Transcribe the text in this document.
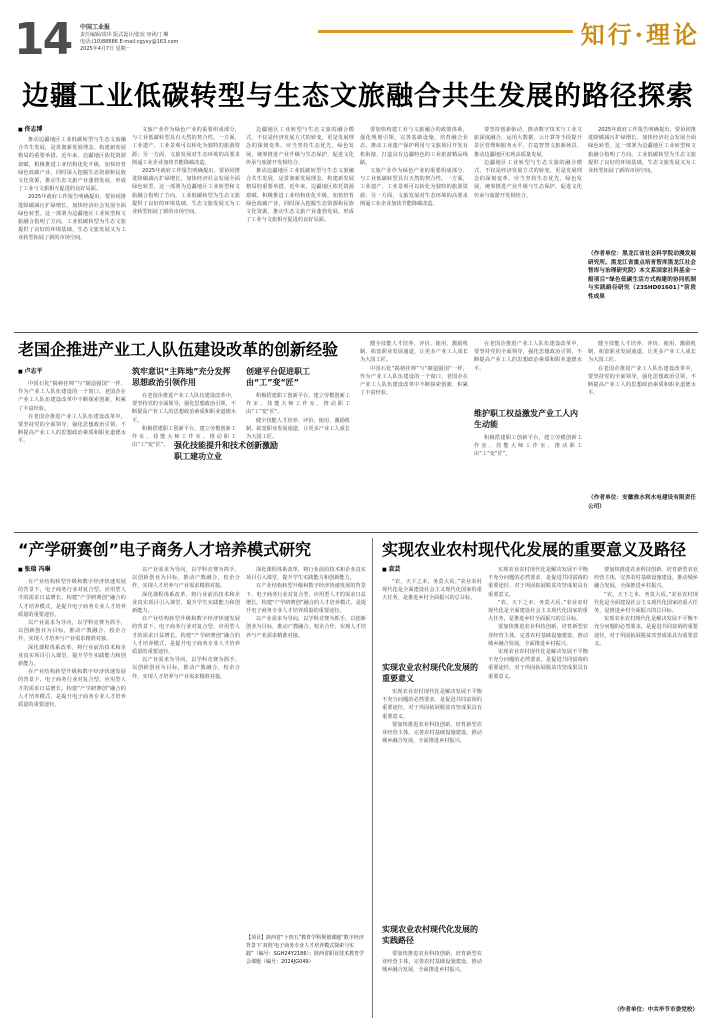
14 中国工业报
责任编辑/周伟 版式设计/张宸 审读/丁琳
电话:(10)88886 E-mail:cgyxy@163.com
2025年4月7日 星期一	知行·理论
边疆工业低碳转型与生态文旅融合共生发展的路径探索
■ 佟志博

推动边疆地区工业低碳转型与生态文旅融合共生发展，是贯彻新发展理念、构建新发展格局的重要举措。近年来，边疆地区依托资源禀赋，积极推进工业结构优化升级，加快培育绿色低碳产业，同时深入挖掘生态资源和民族文化资源，推动生态文旅产业蓬勃发展，形成了工业与文旅相互促进的良好局面。

2025年政府工作报告明确提出，要协同推进降碳减污扩绿增长，加快经济社会发展全面绿色转型。这一部署为边疆地区工业转型和文旅融合指明了方向。工业低碳转型为生态文旅提供了良好的环境基础，生态文旅发展又为工业转型拓展了新的市场空间。

文旅产业作为绿色产业的重要组成部分，与工业低碳转型具有天然的契合性。一方面，工业遗产、工业景观可以转化为独特的旅游资源；另一方面，文旅发展对生态环境的高要求倒逼工业企业加快节能降碳改造。

2025年政府工作报告明确提出，要协同推进降碳减污扩绿增长，加快经济社会发展全面绿色转型。这一部署为边疆地区工业转型和文旅融合指明了方向。工业低碳转型为生态文旅提供了良好的环境基础，生态文旅发展又为工业转型拓展了新的市场空间。

边疆地区工业转型与生态文旅的融合模式，不仅是经济发展方式的转变，更是发展理念的深刻变革。应当坚持生态优先、绿色发展，统筹推进产业升级与生态保护，促进文化传承与旅游开发相结合。

推动边疆地区工业低碳转型与生态文旅融合共生发展，是贯彻新发展理念、构建新发展格局的重要举措。近年来，边疆地区依托资源禀赋，积极推进工业结构优化升级，加快培育绿色低碳产业，同时深入挖掘生态资源和民族文化资源，推动生态文旅产业蓬勃发展，形成了工业与文旅相互促进的良好局面。

要加快构建工业与文旅融合的政策体系，强化规划引领，完善基础设施，培育融合业态，推动工业遗产保护利用与文旅项目开发有机衔接，打造具有边疆特色的工业旅游精品线路。

文旅产业作为绿色产业的重要组成部分，与工业低碳转型具有天然的契合性。一方面，工业遗产、工业景观可以转化为独特的旅游资源；另一方面，文旅发展对生态环境的高要求倒逼工业企业加快节能降碳改造。

要坚持创新驱动，推动数字技术与工业文旅深度融合，运用大数据、云计算等手段提升景区管理和服务水平，打造智慧文旅新场景，推动边疆地区实现高质量发展。

边疆地区工业转型与生态文旅的融合模式，不仅是经济发展方式的转变，更是发展理念的深刻变革。应当坚持生态优先、绿色发展，统筹推进产业升级与生态保护，促进文化传承与旅游开发相结合。

2025年政府工作报告明确提出，要协同推进降碳减污扩绿增长，加快经济社会发展全面绿色转型。这一部署为边疆地区工业转型和文旅融合指明了方向。工业低碳转型为生态文旅提供了良好的环境基础，生态文旅发展又为工业转型拓展了新的市场空间。

（作者单位：黑龙江省社会科学院动漫发展研究所。黑龙江省重点培育智库黑龙江社会智库与治理研究院）本文系国家社科基金一般项目“绿色低碳生活方式构建的协同机制与实践路径研究（23SHD01601）”阶段性成果
老国企推进产业工人队伍建设改革的创新经验
■ 卢志平

中国石化“揭榜挂帅”与“制造强国”一样，作为产业工人队伍建设的一个窗口，老国企在产业工人队伍建设改革中不断探索创新，积累了丰富经验。

在老国企推进产业工人队伍建设改革中，要坚持党的全面领导，强化思想政治引领，不断提高产业工人的思想政治素质和职业道德水平。

筑牢意识“主阵地”充分发挥思想政治引领作用

在老国企推进产业工人队伍建设改革中，要坚持党的全面领导，强化思想政治引领，不断提高产业工人的思想政治素质和职业道德水平。

积极搭建职工创新平台，建立劳模创新工作室、技能大师工作室，推动职工由“工”变“匠”。

创建平台促进职工由“工”变“匠”

积极搭建职工创新平台，建立劳模创新工作室、技能大师工作室，推动职工由“工”变“匠”。

健全技能人才培养、评价、使用、激励机制，拓宽职业发展通道，让更多产业工人成长为大国工匠。

强化技能提升和技术创新激励职工建功立业

健全技能人才培养、评价、使用、激励机制，拓宽职业发展通道，让更多产业工人成长为大国工匠。

中国石化“揭榜挂帅”与“制造强国”一样，作为产业工人队伍建设的一个窗口，老国企在产业工人队伍建设改革中不断探索创新，积累了丰富经验。

在老国企推进产业工人队伍建设改革中，要坚持党的全面领导，强化思想政治引领，不断提高产业工人的思想政治素质和职业道德水平。

维护职工权益激发产业工人内生动能

积极搭建职工创新平台，建立劳模创新工作室、技能大师工作室，推动职工由“工”变“匠”。

健全技能人才培养、评价、使用、激励机制，拓宽职业发展通道，让更多产业工人成长为大国工匠。

在老国企推进产业工人队伍建设改革中，要坚持党的全面领导，强化思想政治引领，不断提高产业工人的思想政治素质和职业道德水平。

（作者单位：安徽淮水利水电建设有限责任公司）
“产学研赛创”电子商务人才培养模式研究
■ 张瑞 冯琳

在产业结构转型升级和数字经济快速发展的背景下，电子商务行业对复合型、应用型人才的需求日益增长。构建“产学研赛创”融合的人才培养模式，是提升电子商务专业人才培养质量的重要途径。

以产业需求为导向，以学科竞赛为抓手，以创新创业为目标，推动产教融合、校企合作，实现人才培养与产业需求精准对接。

深化课程体系改革，将行业前沿技术和企业真实项目引入课堂，提升学生实践能力和创新能力。

在产业结构转型升级和数字经济快速发展的背景下，电子商务行业对复合型、应用型人才的需求日益增长。构建“产学研赛创”融合的人才培养模式，是提升电子商务专业人才培养质量的重要途径。

以产业需求为导向，以学科竞赛为抓手，以创新创业为目标，推动产教融合、校企合作，实现人才培养与产业需求精准对接。

深化课程体系改革，将行业前沿技术和企业真实项目引入课堂，提升学生实践能力和创新能力。

在产业结构转型升级和数字经济快速发展的背景下，电子商务行业对复合型、应用型人才的需求日益增长。构建“产学研赛创”融合的人才培养模式，是提升电子商务专业人才培养质量的重要途径。

以产业需求为导向，以学科竞赛为抓手，以创新创业为目标，推动产教融合、校企合作，实现人才培养与产业需求精准对接。

深化课程体系改革，将行业前沿技术和企业真实项目引入课堂，提升学生实践能力和创新能力。

在产业结构转型升级和数字经济快速发展的背景下，电子商务行业对复合型、应用型人才的需求日益增长。构建“产学研赛创”融合的人才培养模式，是提升电子商务专业人才培养质量的重要途径。

以产业需求为导向，以学科竞赛为抓手，以创新创业为目标，推动产教融合、校企合作，实现人才培养与产业需求精准对接。

【项目】陕西省“十四五”教育学科规划课题“数字经济背景下‘双创’电子商务专业人才培养模式探索与实践”（编号：SGH24Y2186）；陕西省职业技术教育学会课题（编号：2024JG049）
实现农业农村现代化发展的重要意义及路径
■ 袁芸

“农，天下之本，务莫大焉。”农业农村现代化是全面建设社会主义现代化国家的重大任务，是推进乡村全面振兴的总目标。

实现农业农村现代化发展的重要意义

实现农业农村现代化是解决发展不平衡不充分问题的必然要求，是促进共同富裕的重要途径，对于巩固拓展脱贫攻坚成果具有重要意义。

要加快推进农业科技创新，培育新型农业经营主体，完善农村基础设施建设，推动城乡融合发展，全面推进乡村振兴。

实现农业农村现代化发展的实践路径

要加快推进农业科技创新，培育新型农业经营主体，完善农村基础设施建设，推动城乡融合发展，全面推进乡村振兴。

实现农业农村现代化是解决发展不平衡不充分问题的必然要求，是促进共同富裕的重要途径，对于巩固拓展脱贫攻坚成果具有重要意义。

“农，天下之本，务莫大焉。”农业农村现代化是全面建设社会主义现代化国家的重大任务，是推进乡村全面振兴的总目标。

要加快推进农业科技创新，培育新型农业经营主体，完善农村基础设施建设，推动城乡融合发展，全面推进乡村振兴。

实现农业农村现代化是解决发展不平衡不充分问题的必然要求，是促进共同富裕的重要途径，对于巩固拓展脱贫攻坚成果具有重要意义。

要加快推进农业科技创新，培育新型农业经营主体，完善农村基础设施建设，推动城乡融合发展，全面推进乡村振兴。

“农，天下之本，务莫大焉。”农业农村现代化是全面建设社会主义现代化国家的重大任务，是推进乡村全面振兴的总目标。

实现农业农村现代化是解决发展不平衡不充分问题的必然要求，是促进共同富裕的重要途径，对于巩固拓展脱贫攻坚成果具有重要意义。

（作者单位：中共毕节市委党校）
